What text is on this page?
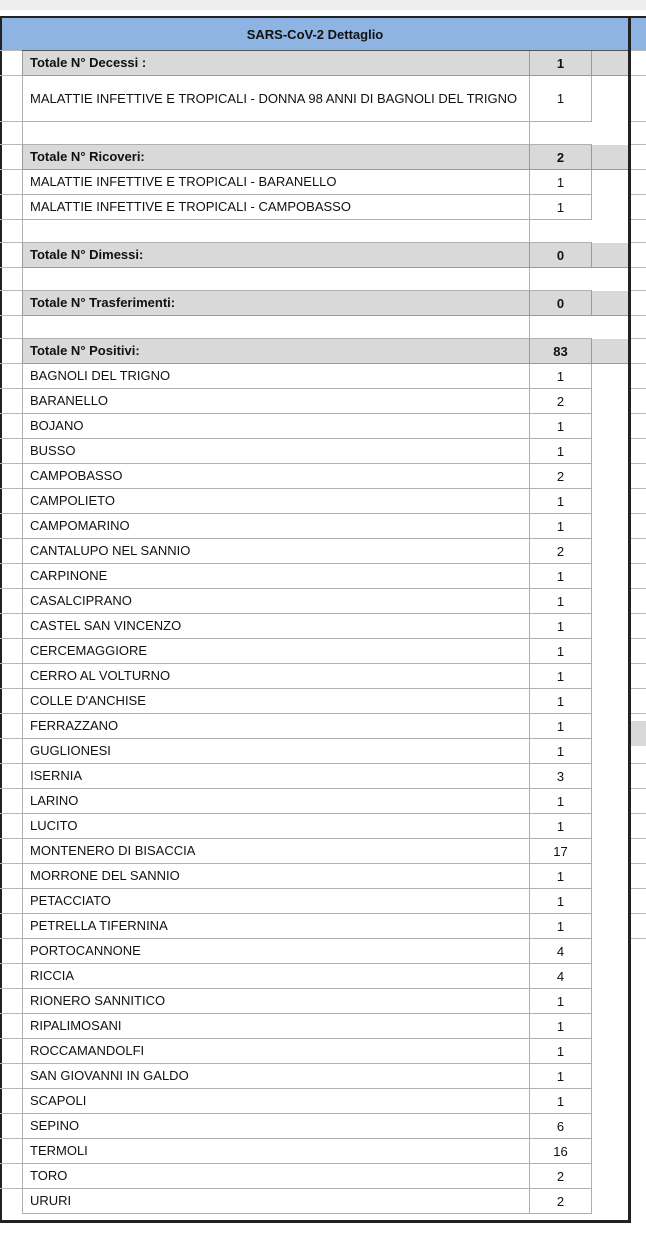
SARS-CoV-2 Dettaglio
Totale N° Decessi :	1
MALATTIE INFETTIVE E TROPICALI - DONNA 98 ANNI DI BAGNOLI DEL TRIGNO	1
Totale N° Ricoveri:	2
MALATTIE INFETTIVE E TROPICALI - BARANELLO	1
MALATTIE INFETTIVE E TROPICALI - CAMPOBASSO	1
Totale N° Dimessi:	0
Totale N° Trasferimenti:	0
Totale N° Positivi:	83
BAGNOLI DEL TRIGNO	1
BARANELLO	2
BOJANO	1
BUSSO	1
CAMPOBASSO	2
CAMPOLIETO	1
CAMPOMARINO	1
CANTALUPO NEL SANNIO	2
CARPINONE	1
CASALCIPRANO	1
CASTEL SAN VINCENZO	1
CERCEMAGGIORE	1
CERRO AL VOLTURNO	1
COLLE D'ANCHISE	1
FERRAZZANO	1
GUGLIONESI	1
ISERNIA	3
LARINO	1
LUCITO	1
MONTENERO DI BISACCIA	17
MORRONE DEL SANNIO	1
PETACCIATO	1
PETRELLA TIFERNINA	1
PORTOCANNONE	4
RICCIA	4
RIONERO SANNITICO	1
RIPALIMOSANI	1
ROCCAMANDOLFI	1
SAN GIOVANNI IN GALDO	1
SCAPOLI	1
SEPINO	6
TERMOLI	16
TORO	2
URURI	2
